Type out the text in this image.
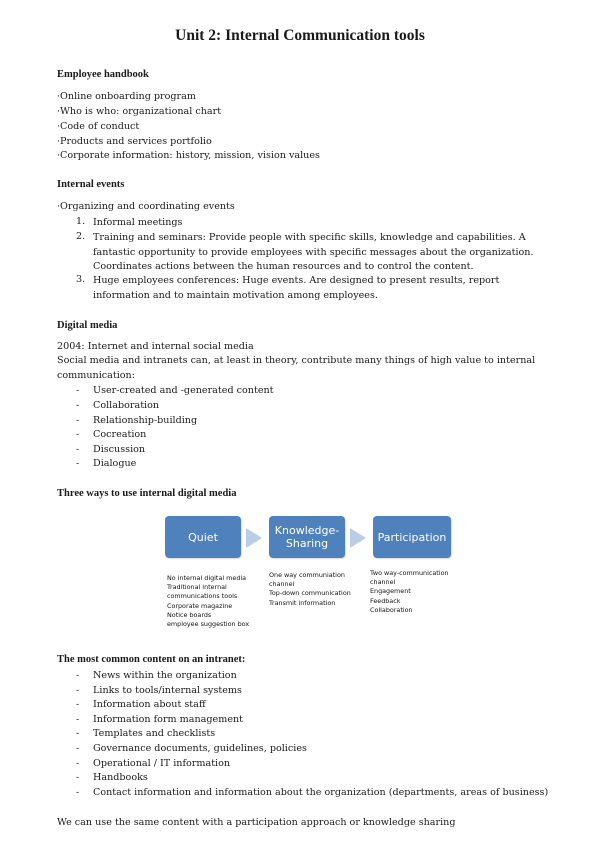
Unit 2: Internal Communication tools
Employee handbook
·Online onboarding program
·Who is who: organizational chart
·Code of conduct
·Products and services portfolio
·Corporate information: history, mission, vision values
Internal events
·Organizing and coordinating events
1. Informal meetings
2. Training and seminars: Provide people with specific skills, knowledge and capabilities. A fantastic opportunity to provide employees with specific messages about the organization. Coordinates actions between the human resources and to control the content.
3. Huge employees conferences: Huge events. Are designed to present results, report information and to maintain motivation among employees.
Digital media
2004: Internet and internal social media
Social media and intranets can, at least in theory, contribute many things of high value to internal
communication:
- User-created and -generated content
- Collaboration
- Relationship-building
- Cocreation
- Discussion
- Dialogue
Three ways to use internal digital media
Quiet	Knowledge-
Sharing	Participation
No internal digital media
Traditional internal
communications tools
Corporate magazine
Notice boards
employee suggestion box
One way communiation
channel
Top-down communication
Transmit information
Two way-communication
channel
Engagement
Feedback
Collaboration
The most common content on an intranet:
- News within the organization
- Links to tools/internal systems
- Information about staff
- Information form management
- Templates and checklists
- Governance documents, guidelines, policies
- Operational / IT information
- Handbooks
- Contact information and information about the organization (departments, areas of business)
We can use the same content with a participation approach or knowledge sharing
